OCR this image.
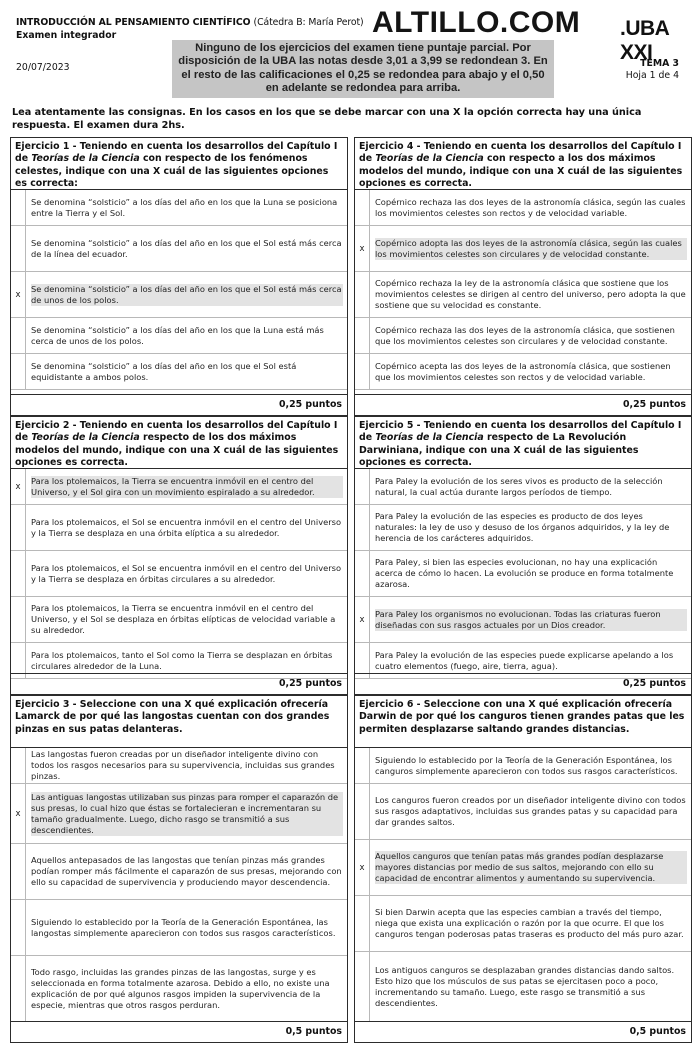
INTRODUCCIÓN AL PENSAMIENTO CIENTÍFICO (Cátedra B: María Perot)
Examen integrador
20/07/2023
ALTILLO.COM .UBA XXI
Ninguno de los ejercicios del examen tiene puntaje parcial. Por disposición de la UBA las notas desde 3,01 a 3,99 se redondean 3. En el resto de las calificaciones el 0,25 se redondea para abajo y el 0,50 en adelante se redondea para arriba.
TEMA 3
Hoja 1 de 4
Lea atentamente las consignas. En los casos en los que se debe marcar con una X la opción correcta hay una única respuesta. El examen dura 2hs.
Ejercicio 1 - Teniendo en cuenta los desarrollos del Capítulo I de Teorías de la Ciencia con respecto de los fenómenos celestes, indique con una X cuál de las siguientes opciones es correcta:
Se denomina “solsticio” a los días del año en los que la Luna se posiciona entre la Tierra y el Sol.
Se denomina “solsticio” a los días del año en los que el Sol está más cerca de la línea del ecuador.
x
Se denomina “solsticio” a los días del año en los que el Sol está más cerca de unos de los polos.
Se denomina “solsticio” a los días del año en los que la Luna está más cerca de unos de los polos.
Se denomina “solsticio” a los días del año en los que el Sol está equidistante a ambos polos.
0,25 puntos
Ejercicio 4 - Teniendo en cuenta los desarrollos del Capítulo I de Teorías de la Ciencia con respecto a los dos máximos modelos del mundo, indique con una X cuál de las siguientes opciones es correcta.
Copérnico rechaza las dos leyes de la astronomía clásica, según las cuales los movimientos celestes son rectos y de velocidad variable.
x
Copérnico adopta las dos leyes de la astronomía clásica, según las cuales los movimientos celestes son circulares y de velocidad constante.
Copérnico rechaza la ley de la astronomía clásica que sostiene que los movimientos celestes se dirigen al centro del universo, pero adopta la que sostiene que su velocidad es constante.
Copérnico rechaza las dos leyes de la astronomía clásica, que sostienen que los movimientos celestes son circulares y de velocidad constante.
Copérnico acepta las dos leyes de la astronomía clásica, que sostienen que los movimientos celestes son rectos y de velocidad variable.
0,25 puntos
Ejercicio 2 - Teniendo en cuenta los desarrollos del Capítulo I de Teorías de la Ciencia respecto de los dos máximos modelos del mundo, indique con una X cuál de las siguientes opciones es correcta.
x
Para los ptolemaicos, la Tierra se encuentra inmóvil en el centro del Universo, y el Sol gira con un movimiento espiralado a su alrededor.
Para los ptolemaicos, el Sol se encuentra inmóvil en el centro del Universo y la Tierra se desplaza en una órbita elíptica a su alrededor.
Para los ptolemaicos, el Sol se encuentra inmóvil en el centro del Universo y la Tierra se desplaza en órbitas circulares a su alrededor.
Para los ptolemaicos, la Tierra se encuentra inmóvil en el centro del Universo, y el Sol se desplaza en órbitas elípticas de velocidad variable a su alrededor.
Para los ptolemaicos, tanto el Sol como la Tierra se desplazan en órbitas circulares alrededor de la Luna.
0,25 puntos
Ejercicio 5 - Teniendo en cuenta los desarrollos del Capítulo I de Teorías de la Ciencia respecto de La Revolución Darwiniana, indique con una X cuál de las siguientes opciones es correcta.
Para Paley la evolución de los seres vivos es producto de la selección natural, la cual actúa durante largos períodos de tiempo.
Para Paley la evolución de las especies es producto de dos leyes naturales: la ley de uso y desuso de los órganos adquiridos, y la ley de herencia de los carácteres adquiridos.
Para Paley, si bien las especies evolucionan, no hay una explicación acerca de cómo lo hacen. La evolución se produce en forma totalmente azarosa.
x
Para Paley los organismos no evolucionan. Todas las criaturas fueron diseñadas con sus rasgos actuales por un Dios creador.
Para Paley la evolución de las especies puede explicarse apelando a los cuatro elementos (fuego, aire, tierra, agua).
0,25 puntos
Ejercicio 3 - Seleccione con una X qué explicación ofrecería Lamarck de por qué las langostas cuentan con dos grandes pinzas en sus patas delanteras.
Las langostas fueron creadas por un diseñador inteligente divino con todos los rasgos necesarios para su supervivencia, incluidas sus grandes pinzas.
x
Las antiguas langostas utilizaban sus pinzas para romper el caparazón de sus presas, lo cual hizo que éstas se fortalecieran e incrementaran su tamaño gradualmente. Luego, dicho rasgo se transmitió a sus descendientes.
Aquellos antepasados de las langostas que tenían pinzas más grandes podían romper más fácilmente el caparazón de sus presas, mejorando con ello su capacidad de supervivencia y produciendo mayor descendencia.
Siguiendo lo establecido por la Teoría de la Generación Espontánea, las langostas simplemente aparecieron con todos sus rasgos característicos.
Todo rasgo, incluidas las grandes pinzas de las langostas, surge y es seleccionada en forma totalmente azarosa. Debido a ello, no existe una explicación de por qué algunos rasgos impiden la supervivencia de la especie, mientras que otros rasgos perduran.
0,5 puntos
Ejercicio 6 - Seleccione con una X qué explicación ofrecería Darwin de por qué los canguros tienen grandes patas que les permiten desplazarse saltando grandes distancias.
Siguiendo lo establecido por la Teoría de la Generación Espontánea, los canguros simplemente aparecieron con todos sus rasgos característicos.
Los canguros fueron creados por un diseñador inteligente divino con todos sus rasgos adaptativos, incluidas sus grandes patas y su capacidad para dar grandes saltos.
x
Aquellos canguros que tenían patas más grandes podían desplazarse mayores distancias por medio de sus saltos, mejorando con ello su capacidad de encontrar alimentos y aumentando su supervivencia.
Si bien Darwin acepta que las especies cambian a través del tiempo, niega que exista una explicación o razón por la que ocurre. El que los canguros tengan poderosas patas traseras es producto del más puro azar.
Los antiguos canguros se desplazaban grandes distancias dando saltos. Esto hizo que los músculos de sus patas se ejercitasen poco a poco, incrementando su tamaño. Luego, este rasgo se transmitió a sus descendientes.
0,5 puntos
